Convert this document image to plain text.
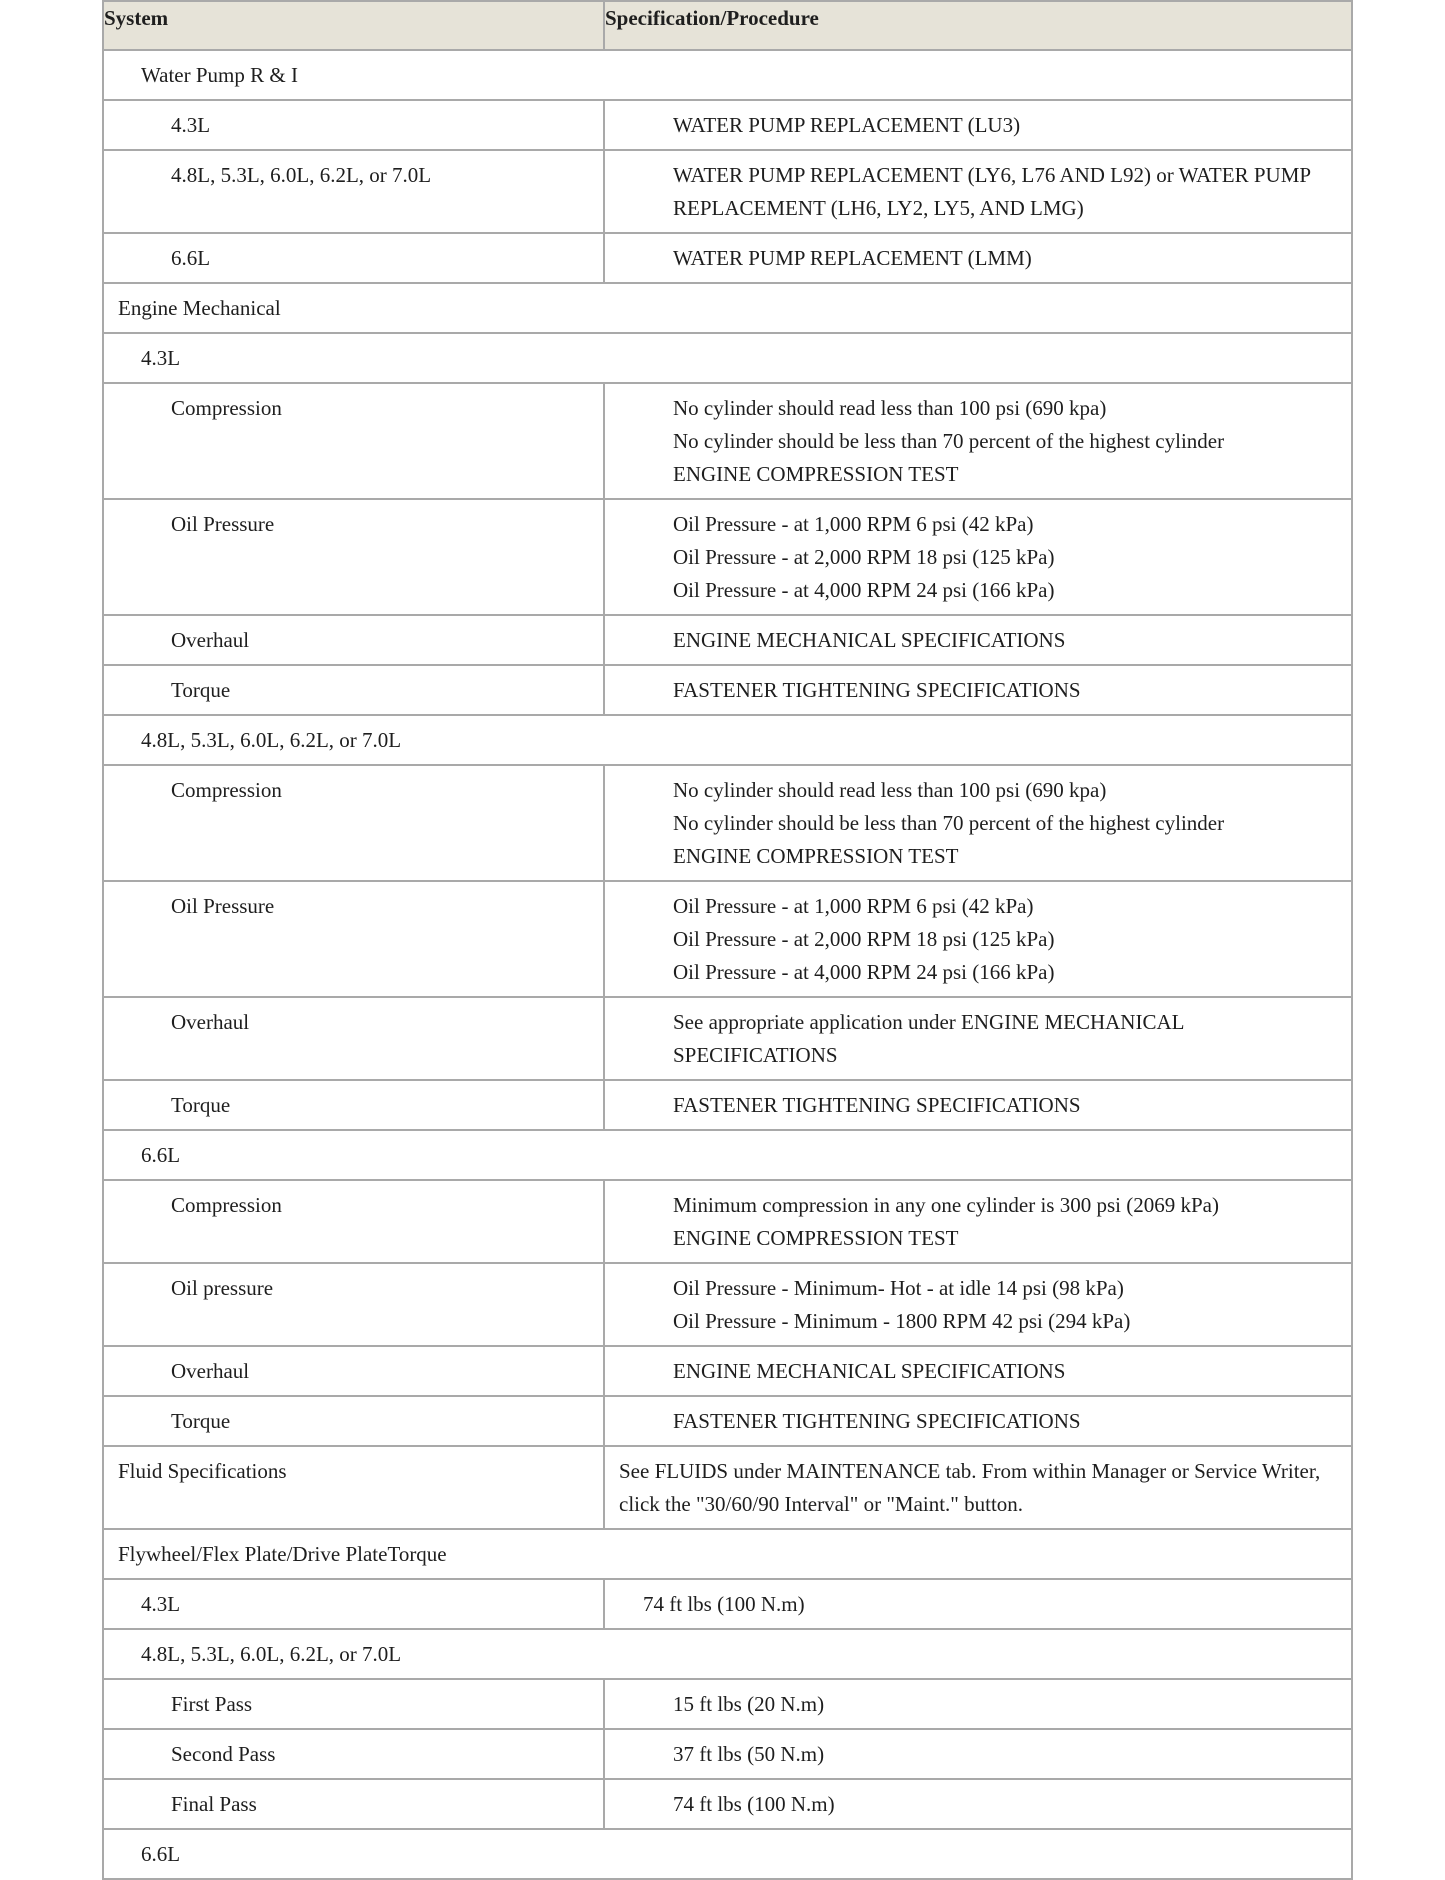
System	Specification/Procedure
Water Pump R & I	
4.3L	WATER PUMP REPLACEMENT (LU3)

4.8L, 5.3L, 6.0L, 6.2L, or 7.0L	WATER PUMP REPLACEMENT (LY6, L76 AND L92) or WATER PUMP REPLACEMENT (LH6, LY2, LY5, AND LMG)

6.6L	WATER PUMP REPLACEMENT (LMM)

Engine Mechanical	
4.3L	
Compression	No cylinder should read less than 100 psi (690 kpa)
No cylinder should be less than 70 percent of the highest cylinder
ENGINE COMPRESSION TEST

Oil Pressure	Oil Pressure - at 1,000 RPM 6 psi (42 kPa)
Oil Pressure - at 2,000 RPM 18 psi (125 kPa)
Oil Pressure - at 4,000 RPM 24 psi (166 kPa)

Overhaul	ENGINE MECHANICAL SPECIFICATIONS

Torque	FASTENER TIGHTENING SPECIFICATIONS

4.8L, 5.3L, 6.0L, 6.2L, or 7.0L	
Compression	No cylinder should read less than 100 psi (690 kpa)
No cylinder should be less than 70 percent of the highest cylinder
ENGINE COMPRESSION TEST

Oil Pressure	Oil Pressure - at 1,000 RPM 6 psi (42 kPa)
Oil Pressure - at 2,000 RPM 18 psi (125 kPa)
Oil Pressure - at 4,000 RPM 24 psi (166 kPa)

Overhaul	See appropriate application under ENGINE MECHANICAL SPECIFICATIONS

Torque	FASTENER TIGHTENING SPECIFICATIONS

6.6L	
Compression	Minimum compression in any one cylinder is 300 psi (2069 kPa)
ENGINE COMPRESSION TEST

Oil pressure	Oil Pressure - Minimum- Hot - at idle 14 psi (98 kPa)
Oil Pressure - Minimum - 1800 RPM 42 psi (294 kPa)

Overhaul	ENGINE MECHANICAL SPECIFICATIONS

Torque	FASTENER TIGHTENING SPECIFICATIONS

Fluid Specifications	See FLUIDS under MAINTENANCE tab. From within Manager or Service Writer, click the "30/60/90 Interval" or "Maint." button.

Flywheel/Flex Plate/Drive PlateTorque	
4.3L	74 ft lbs (100 N.m)

4.8L, 5.3L, 6.0L, 6.2L, or 7.0L	
First Pass	15 ft lbs (20 N.m)

Second Pass	37 ft lbs (50 N.m)

Final Pass	74 ft lbs (100 N.m)

6.6L	
